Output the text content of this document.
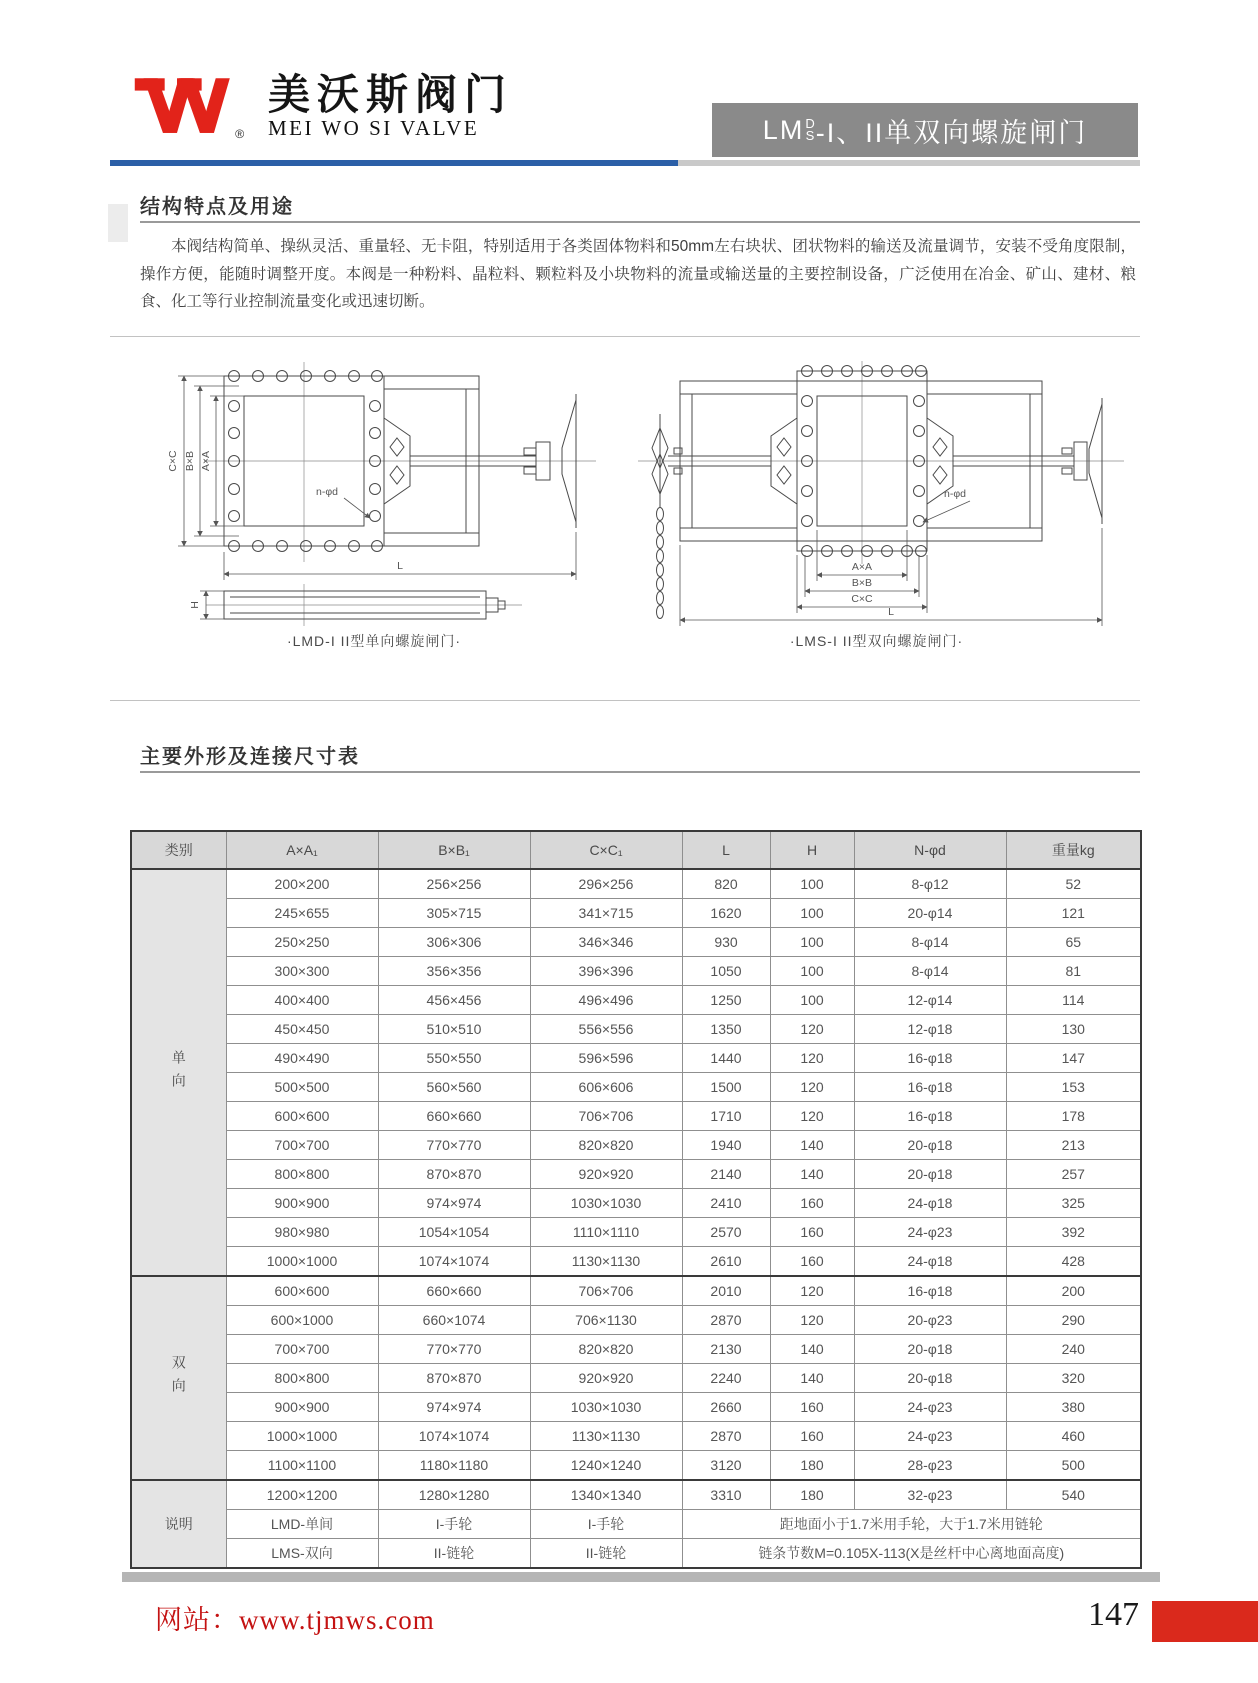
®
美沃斯阀门
MEI WO SI VALVE	LM D
S -I、II单双向螺旋闸门
结构特点及用途
本阀结构简单、操纵灵活、重量轻、无卡阻，特别适用于各类固体物料和50mm左右块状、团状物料的输送及流量调节，安装不受角度限制，操作方便，能随时调整开度。本阀是一种粉料、晶粒料、颗粒料及小块物料的流量或输送量的主要控制设备，广泛使用在冶金、矿山、建材、粮食、化工等行业控制流量变化或迅速切断。
C×C B×B A×A
n-φd
L
H
·LMD-I II型单向螺旋闸门·
n-φd
A×A
B×B
C×C
L
·LMS-I II型双向螺旋闸门·
主要外形及连接尺寸表
类别	A×A₁	B×B₁	C×C₁	L	H	N-φd	重量kg
单向	200×200	256×256	296×256	820	100	8-φ12	52
	245×655	305×715	341×715	1620	100	20-φ14	121
	250×250	306×306	346×346	930	100	8-φ14	65
	300×300	356×356	396×396	1050	100	8-φ14	81
	400×400	456×456	496×496	1250	100	12-φ14	114
	450×450	510×510	556×556	1350	120	12-φ18	130
	490×490	550×550	596×596	1440	120	16-φ18	147
	500×500	560×560	606×606	1500	120	16-φ18	153
	600×600	660×660	706×706	1710	120	16-φ18	178
	700×700	770×770	820×820	1940	140	20-φ18	213
	800×800	870×870	920×920	2140	140	20-φ18	257
	900×900	974×974	1030×1030	2410	160	24-φ18	325
	980×980	1054×1054	1110×1110	2570	160	24-φ23	392
	1000×1000	1074×1074	1130×1130	2610	160	24-φ18	428
双向	600×600	660×660	706×706	2010	120	16-φ18	200
	600×1000	660×1074	706×1130	2870	120	20-φ23	290
	700×700	770×770	820×820	2130	140	20-φ18	240
	800×800	870×870	920×920	2240	140	20-φ18	320
	900×900	974×974	1030×1030	2660	160	24-φ23	380
	1000×1000	1074×1074	1130×1130	2870	160	24-φ23	460
	1100×1100	1180×1180	1240×1240	3120	180	28-φ23	500
说明	1200×1200	1280×1280	1340×1340	3310	180	32-φ23	540
	LMD-单间	I-手轮	I-手轮	距地面小于1.7米用手轮，大于1.7米用链轮			
	LMS-双向	II-链轮	II-链轮	链条节数M=0.105X-113(X是丝杆中心离地面高度)			
网站：www.tjmws.com	147
